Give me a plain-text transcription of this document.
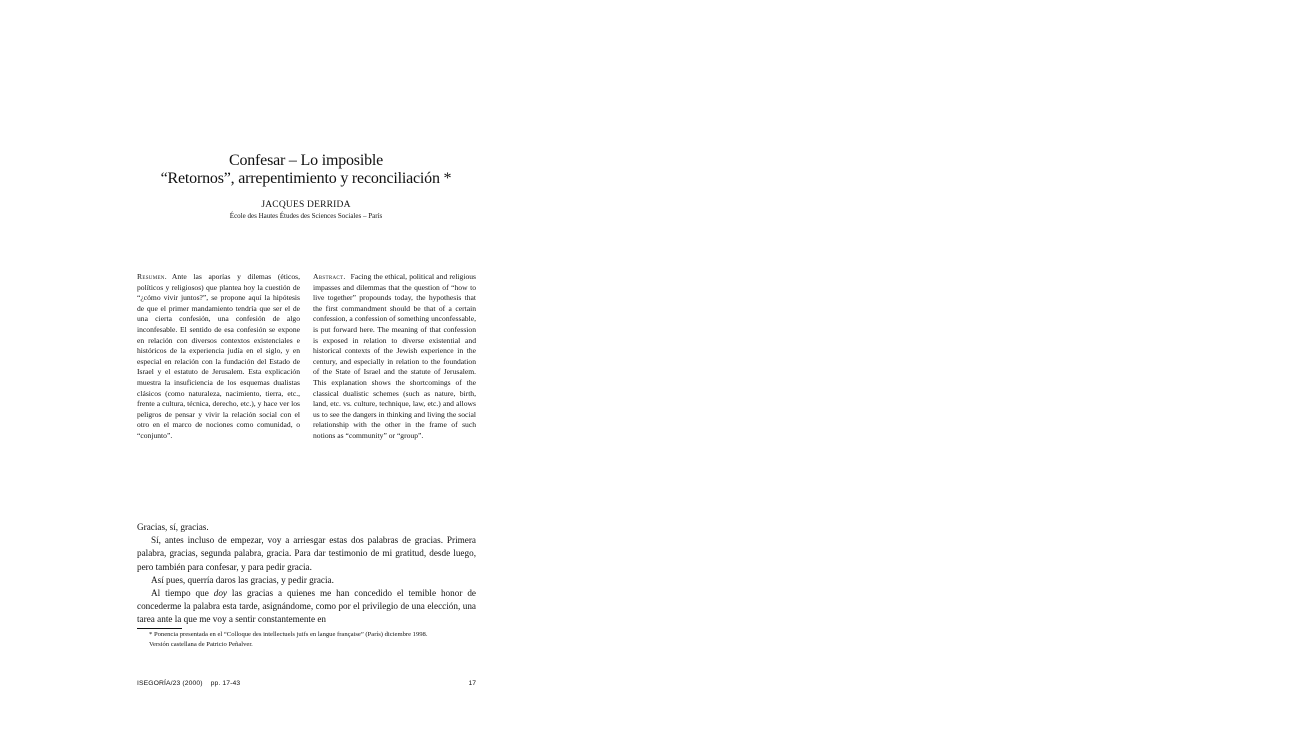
Confesar – Lo imposible
“Retornos”, arrepentimiento y reconciliación *
JACQUES DERRIDA
École des Hautes Études des Sciences Sociales – París
Resumen. Ante las aporías y dilemas (éticos, políticos y religiosos) que plantea hoy la cuestión de “¿cómo vivir juntos?”, se propone aquí la hipótesis de que el primer mandamiento tendría que ser el de una cierta confesión, una confesión de algo inconfesable. El sentido de esa confesión se expone en relación con diversos contextos existenciales e históricos de la experiencia judía en el siglo, y en especial en relación con la fundación del Estado de Israel y el estatuto de Jerusalem. Esta explicación muestra la insuficiencia de los esquemas dualistas clásicos (como naturaleza, nacimiento, tierra, etc., frente a cultura, técnica, derecho, etc.), y hace ver los peligros de pensar y vivir la relación social con el otro en el marco de nociones como comunidad, o “conjunto”.
Abstract. Facing the ethical, political and religious impasses and dilemmas that the question of “how to live together” propounds today, the hypothesis that the first commandment should be that of a certain confession, a confession of something unconfessable, is put forward here. The meaning of that confession is exposed in relation to diverse existential and historical contexts of the Jewish experience in the century, and especially in relation to the foundation of the State of Israel and the statute of Jerusalem. This explanation shows the shortcomings of the classical dualistic schemes (such as nature, birth, land, etc. vs. culture, technique, law, etc.) and allows us to see the dangers in thinking and living the social relationship with the other in the frame of such notions as “community” or “group”.

Gracias, sí, gracias.

Sí, antes incluso de empezar, voy a arriesgar estas dos palabras de gracias. Primera palabra, gracias, segunda palabra, gracia. Para dar testimonio de mi gratitud, desde luego, pero también para confesar, y para pedir gracia.

Así pues, querría daros las gracias, y pedir gracia.

Al tiempo que doy las gracias a quienes me han concedido el temible honor de concederme la palabra esta tarde, asignándome, como por el privilegio de una elección, una tarea ante la que me voy a sentir constantemente en

* Ponencia presentada en el “Colloque des intellectuels juifs en langue française” (París) diciembre 1998.

Versión castellana de Patricio Peñalver.

ISEGORÍA/23 (2000) pp. 17-43	17
